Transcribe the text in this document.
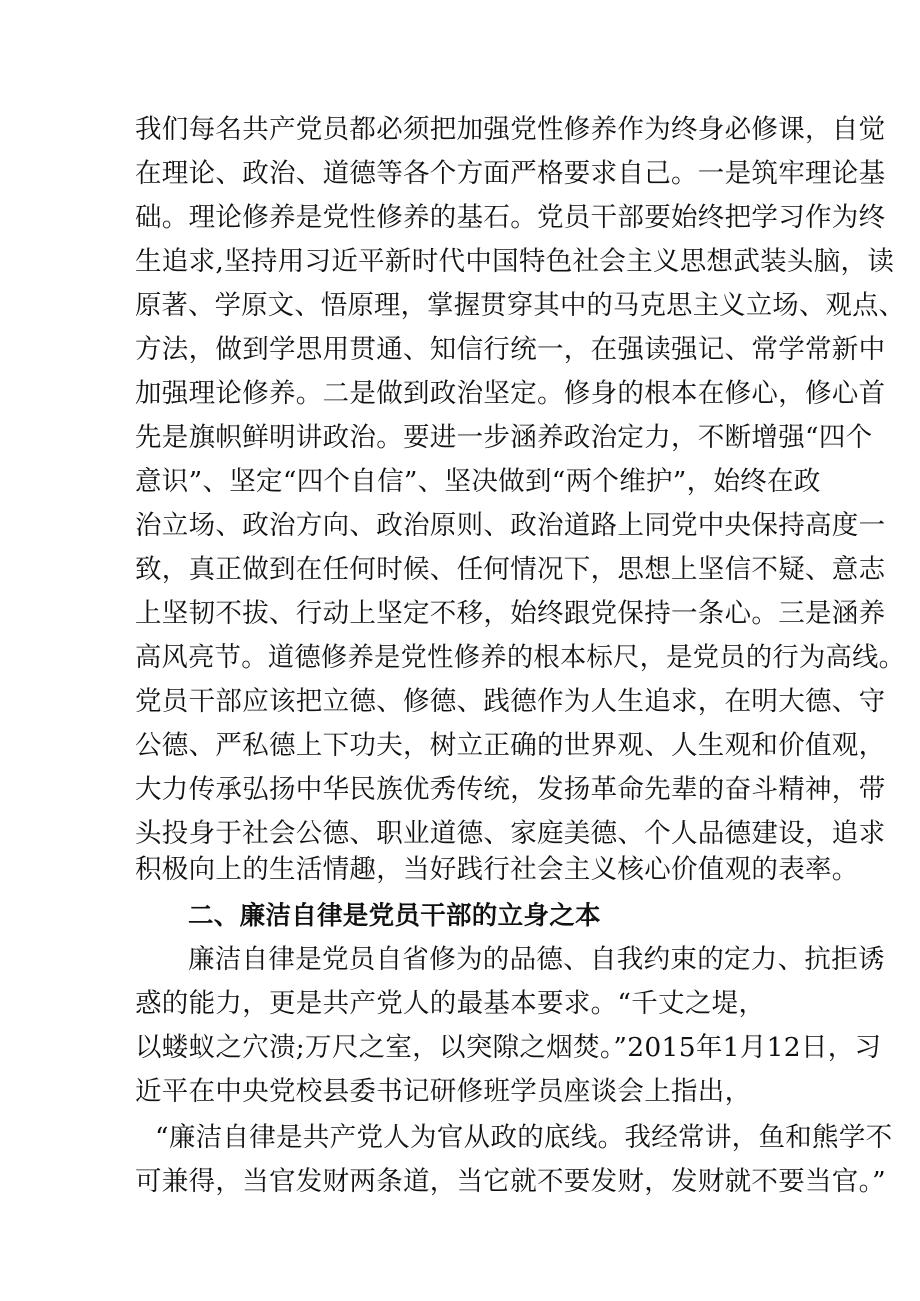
我们每名共产党员都必须把加强党性修养作为终身必修课，自觉
在理论、政治、道德等各个方面严格要求自己。一是筑牢理论基
础。理论修养是党性修养的基石。党员干部要始终把学习作为终
生追求,坚持用习近平新时代中国特色社会主义思想武装头脑，读
原著、学原文、悟原理，掌握贯穿其中的马克思主义立场、观点、
方法，做到学思用贯通、知信行统一，在强读强记、常学常新中
加强理论修养。二是做到政治坚定。修身的根本在修心，修心首
先是旗帜鲜明讲政治。要进一步涵养政治定力，不断增强“四个
意识”、坚定“四个自信”、坚决做到“两个维护”，始终在政
治立场、政治方向、政治原则、政治道路上同党中央保持高度一
致，真正做到在任何时候、任何情况下，思想上坚信不疑、意志
上坚韧不拔、行动上坚定不移，始终跟党保持一条心。三是涵养
高风亮节。道德修养是党性修养的根本标尺，是党员的行为高线。
党员干部应该把立德、修德、践德作为人生追求，在明大德、守
公德、严私德上下功夫，树立正确的世界观、人生观和价值观，
大力传承弘扬中华民族优秀传统，发扬革命先辈的奋斗精神，带
头投身于社会公德、职业道德、家庭美德、个人品德建设，追求
积极向上的生活情趣，当好践行社会主义核心价值观的表率。
二、廉洁自律是党员干部的立身之本
廉洁自律是党员自省修为的品德、自我约束的定力、抗拒诱
惑的能力，更是共产党人的最基本要求。“千丈之堤，
以蝼蚁之穴溃;万尺之室，以突隙之烟焚。”2015年1月12日，习
近平在中央党校县委书记研修班学员座谈会上指出，
“廉洁自律是共产党人为官从政的底线。我经常讲，鱼和熊学不
可兼得，当官发财两条道，当它就不要发财，发财就不要当官。”
